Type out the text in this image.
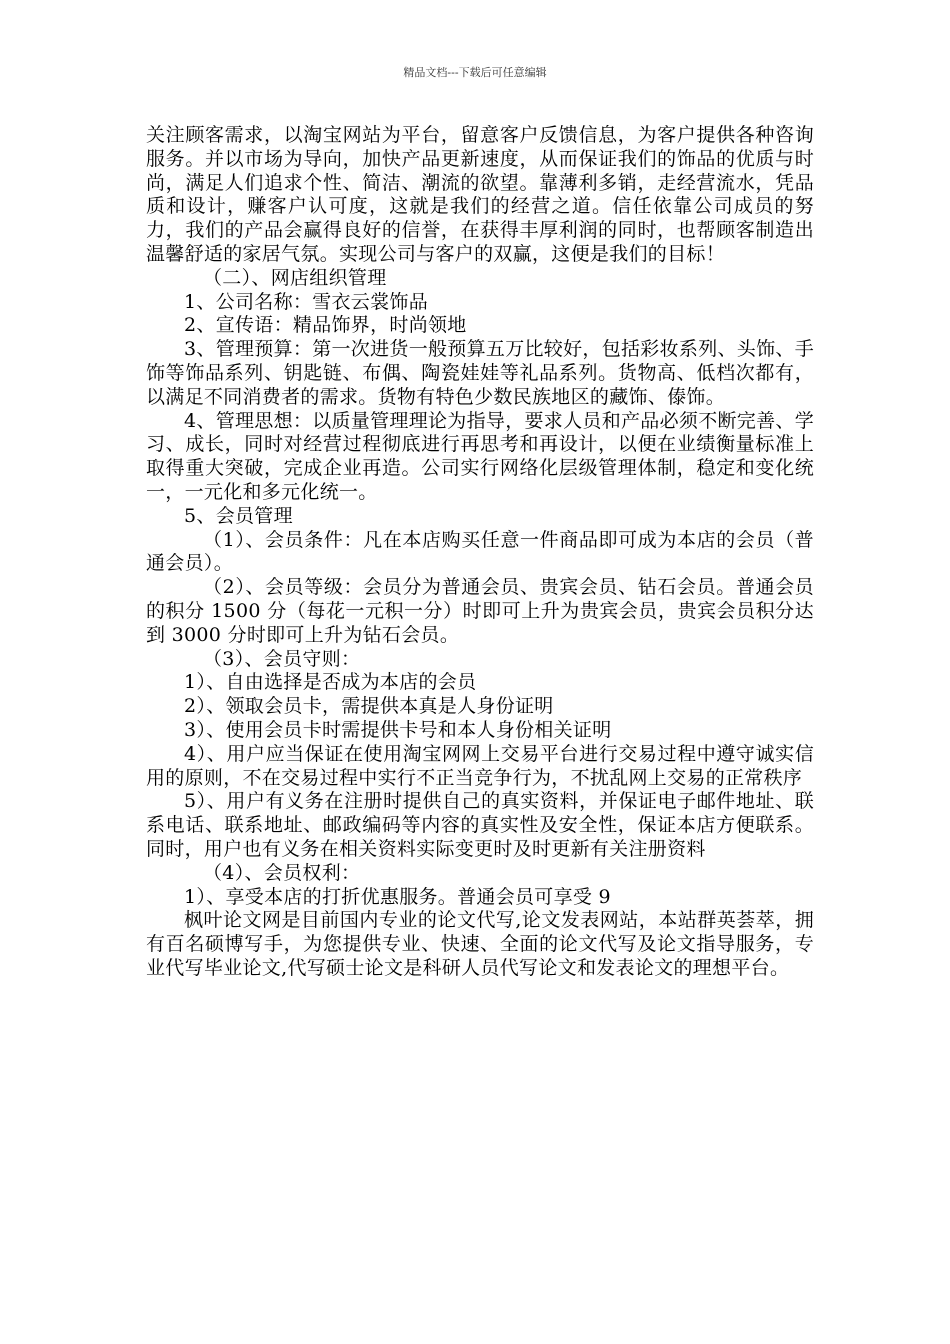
精品文档---下载后可任意编辑

关注顾客需求，以淘宝网站为平台，留意客户反馈信息，为客户提供各种咨询服务。并以市场为导向，加快产品更新速度，从而保证我们的饰品的优质与时尚，满足人们追求个性、简洁、潮流的欲望。靠薄利多销，走经营流水，凭品质和设计，赚客户认可度，这就是我们的经营之道。信任依靠公司成员的努力，我们的产品会赢得良好的信誉，在获得丰厚利润的同时，也帮顾客制造出温馨舒适的家居气氛。实现公司与客户的双赢，这便是我们的目标！

（二）、网店组织管理

1、公司名称：雪衣云裳饰品

2、宣传语：精品饰界，时尚领地

3、管理预算：第一次进货一般预算五万比较好，包括彩妆系列、头饰、手饰等饰品系列、钥匙链、布偶、陶瓷娃娃等礼品系列。货物高、低档次都有，以满足不同消费者的需求。货物有特色少数民族地区的藏饰、傣饰。

4、管理思想：以质量管理理论为指导，要求人员和产品必须不断完善、学习、成长，同时对经营过程彻底进行再思考和再设计，以便在业绩衡量标准上取得重大突破，完成企业再造。公司实行网络化层级管理体制，稳定和变化统一，一元化和多元化统一。

5、会员管理

（1）、会员条件：凡在本店购买任意一件商品即可成为本店的会员（普通会员）。

（2）、会员等级：会员分为普通会员、贵宾会员、钻石会员。普通会员的积分 1500 分（每花一元积一分）时即可上升为贵宾会员，贵宾会员积分达到 3000 分时即可上升为钻石会员。

（3）、会员守则：

1）、自由选择是否成为本店的会员

2）、领取会员卡，需提供本真是人身份证明

3）、使用会员卡时需提供卡号和本人身份相关证明

4）、用户应当保证在使用淘宝网网上交易平台进行交易过程中遵守诚实信用的原则，不在交易过程中实行不正当竞争行为，不扰乱网上交易的正常秩序

5）、用户有义务在注册时提供自己的真实资料，并保证电子邮件地址、联系电话、联系地址、邮政编码等内容的真实性及安全性，保证本店方便联系。同时，用户也有义务在相关资料实际变更时及时更新有关注册资料

（4）、会员权利：

1）、享受本店的打折优惠服务。普通会员可享受 9

枫叶论文网是目前国内专业的论文代写,论文发表网站，本站群英荟萃，拥有百名硕博写手，为您提供专业、快速、全面的论文代写及论文指导服务，专业代写毕业论文,代写硕士论文是科研人员代写论文和发表论文的理想平台。
